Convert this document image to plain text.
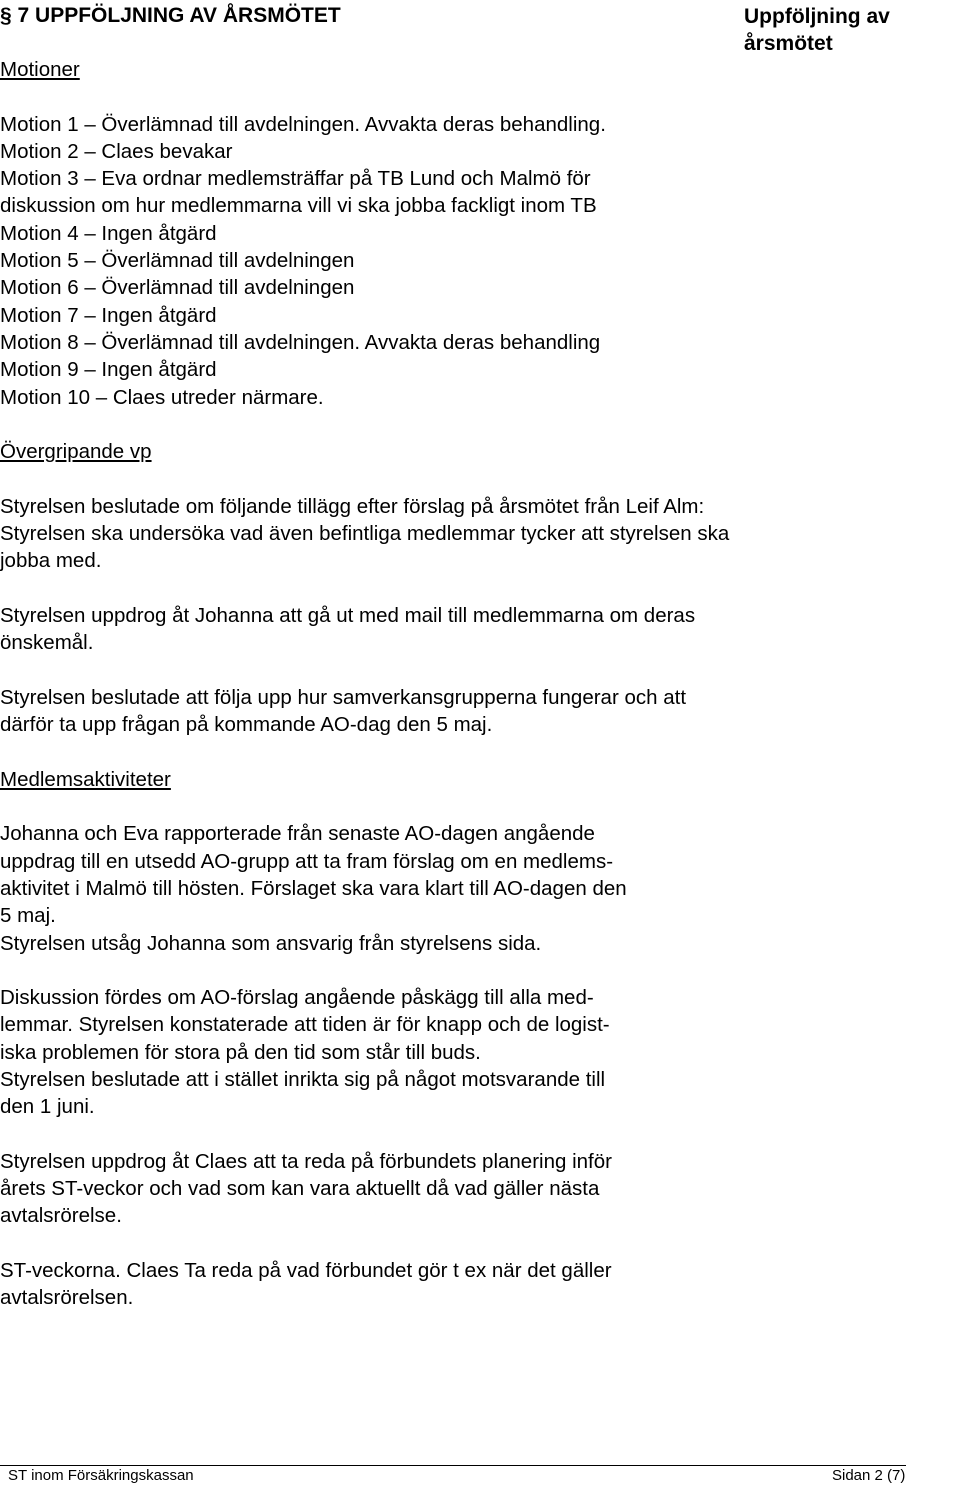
§ 7 UPPFÖLJNING AV ÅRSMÖTET	Uppföljning av årsmötet

Motioner

Motion 1 – Överlämnad till avdelningen. Avvakta deras behandling.
Motion 2 – Claes bevakar
Motion 3 – Eva ordnar medlemsträffar på TB Lund och Malmö för
diskussion om hur medlemmarna vill vi ska jobba fackligt inom TB
Motion 4 – Ingen åtgärd
Motion 5 – Överlämnad till avdelningen
Motion 6 – Överlämnad till avdelningen
Motion 7 – Ingen åtgärd
Motion 8 – Överlämnad till avdelningen. Avvakta deras behandling
Motion 9 – Ingen åtgärd
Motion 10 – Claes utreder närmare.

Övergripande vp

Styrelsen beslutade om följande tillägg efter förslag på årsmötet från Leif Alm: Styrelsen ska undersöka vad även befintliga medlemmar tycker att styrelsen ska jobba med.

Styrelsen uppdrog åt Johanna att gå ut med mail till medlemmarna om deras önskemål.

Styrelsen beslutade att följa upp hur samverkansgrupperna fungerar och att därför ta upp frågan på kommande AO-dag den 5 maj.

Medlemsaktiviteter

Johanna och Eva rapporterade från senaste AO-dagen angående
uppdrag till en utsedd AO-grupp att ta fram förslag om en medlems-
aktivitet i Malmö till hösten. Förslaget ska vara klart till AO-dagen den
5 maj.
Styrelsen utsåg Johanna som ansvarig från styrelsens sida.

Diskussion fördes om AO-förslag angående påskägg till alla med-
lemmar. Styrelsen konstaterade att tiden är för knapp och de logist-
iska problemen för stora på den tid som står till buds.
Styrelsen beslutade att i stället inrikta sig på något motsvarande till
den 1 juni.

Styrelsen uppdrog åt Claes att ta reda på förbundets planering inför
årets ST-veckor och vad som kan vara aktuellt då vad gäller nästa
avtalsrörelse.

ST-veckorna. Claes Ta reda på vad förbundet gör t ex när det gäller
avtalsrörelsen.

ST inom Försäkringskassan	Sidan 2 (7)
